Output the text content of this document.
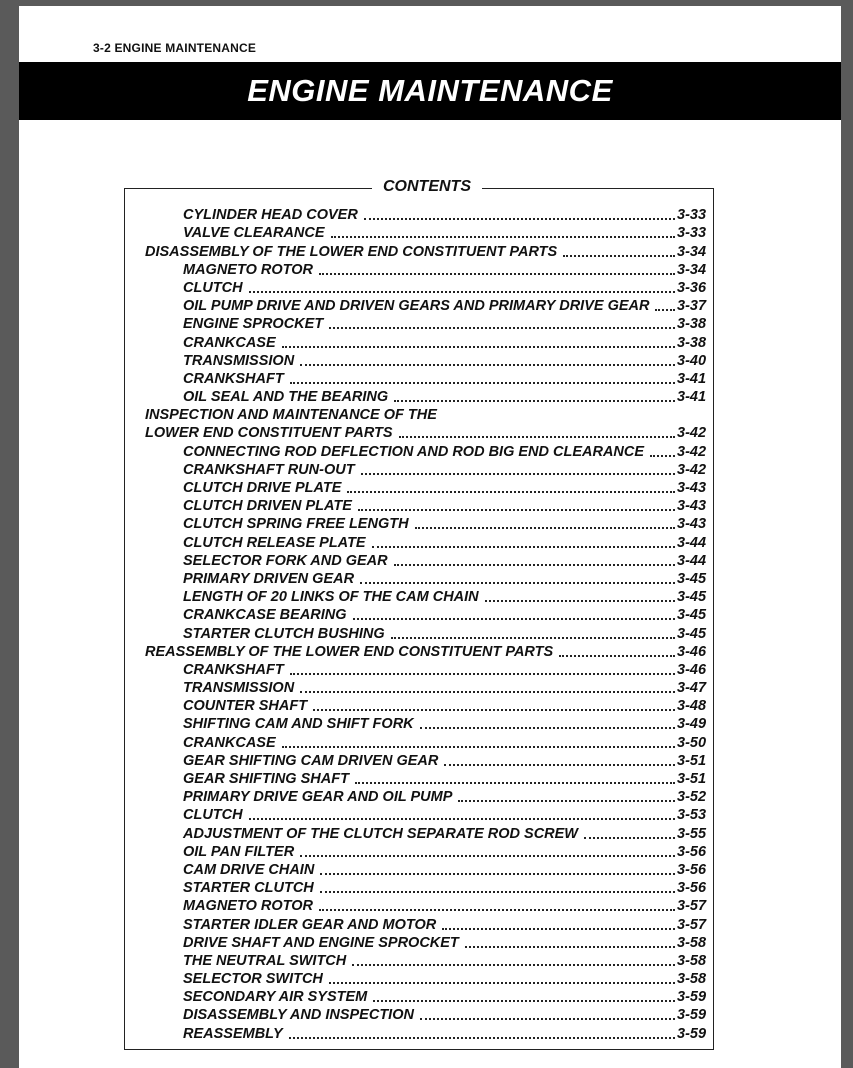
3-2 ENGINE MAINTENANCE
ENGINE MAINTENANCE
CONTENTS
CYLINDER HEAD COVER	3-33
VALVE CLEARANCE	3-33
DISASSEMBLY OF THE LOWER END CONSTITUENT PARTS	3-34
MAGNETO ROTOR	3-34
CLUTCH	3-36
OIL PUMP DRIVE AND DRIVEN GEARS AND PRIMARY DRIVE GEAR 3-37
ENGINE SPROCKET	3-38
CRANKCASE	3-38
TRANSMISSION	3-40
CRANKSHAFT	3-41
OIL SEAL AND THE BEARING	3-41
INSPECTION AND MAINTENANCE OF THE
LOWER END CONSTITUENT PARTS	3-42
CONNECTING ROD DEFLECTION AND ROD BIG END CLEARANCE 3-42
CRANKSHAFT RUN-OUT	3-42
CLUTCH DRIVE PLATE	3-43
CLUTCH DRIVEN PLATE	3-43
CLUTCH SPRING FREE LENGTH	3-43
CLUTCH RELEASE PLATE	3-44
SELECTOR FORK AND GEAR	3-44
PRIMARY DRIVEN GEAR	3-45
LENGTH OF 20 LINKS OF THE CAM CHAIN	3-45
CRANKCASE BEARING	3-45
STARTER CLUTCH BUSHING	3-45
REASSEMBLY OF THE LOWER END CONSTITUENT PARTS	3-46
CRANKSHAFT	3-46
TRANSMISSION	3-47
COUNTER SHAFT	3-48
SHIFTING CAM AND SHIFT FORK	3-49
CRANKCASE	3-50
GEAR SHIFTING CAM DRIVEN GEAR	3-51
GEAR SHIFTING SHAFT	3-51
PRIMARY DRIVE GEAR AND OIL PUMP	3-52
CLUTCH	3-53
ADJUSTMENT OF THE CLUTCH SEPARATE ROD SCREW	3-55
OIL PAN FILTER	3-56
CAM DRIVE CHAIN	3-56
STARTER CLUTCH	3-56
MAGNETO ROTOR	3-57
STARTER IDLER GEAR AND MOTOR	3-57
DRIVE SHAFT AND ENGINE SPROCKET	3-58
THE NEUTRAL SWITCH	3-58
SELECTOR SWITCH	3-58
SECONDARY AIR SYSTEM	3-59
DISASSEMBLY AND INSPECTION	3-59
REASSEMBLY	3-59
